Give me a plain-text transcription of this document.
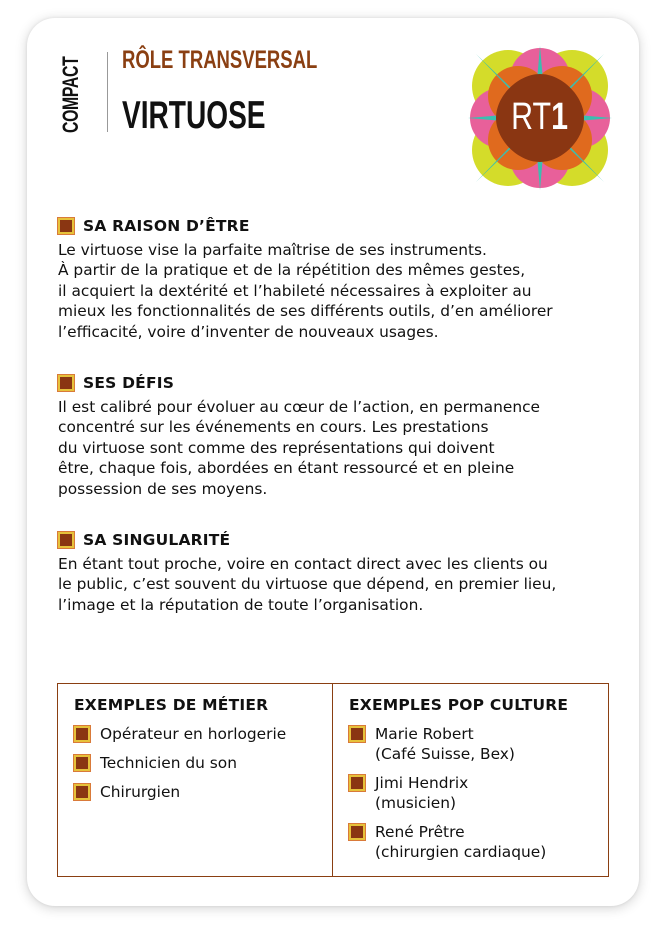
COMPACT RÔLE TRANSVERSAL
VIRTUOSE	RT1
SA RAISON D’ÊTRE
Le virtuose vise la parfaite maîtrise de ses instruments.
À partir de la pratique et de la répétition des mêmes gestes,
il acquiert la dextérité et l’habileté nécessaires à exploiter au
mieux les fonctionnalités de ses différents outils, d’en améliorer
l’efficacité, voire d’inventer de nouveaux usages.
SES DÉFIS
Il est calibré pour évoluer au cœur de l’action, en permanence
concentré sur les événements en cours. Les prestations
du virtuose sont comme des représentations qui doivent
être, chaque fois, abordées en étant ressourcé et en pleine
possession de ses moyens.
SA SINGULARITÉ
En étant tout proche, voire en contact direct avec les clients ou
le public, c’est souvent du virtuose que dépend, en premier lieu,
l’image et la réputation de toute l’organisation.
EXEMPLES DE MÉTIER
Opérateur en horlogerie
Technicien du son
Chirurgien
EXEMPLES POP CULTURE
Marie Robert
(Café Suisse, Bex)
Jimi Hendrix
(musicien)
René Prêtre
(chirurgien cardiaque)
